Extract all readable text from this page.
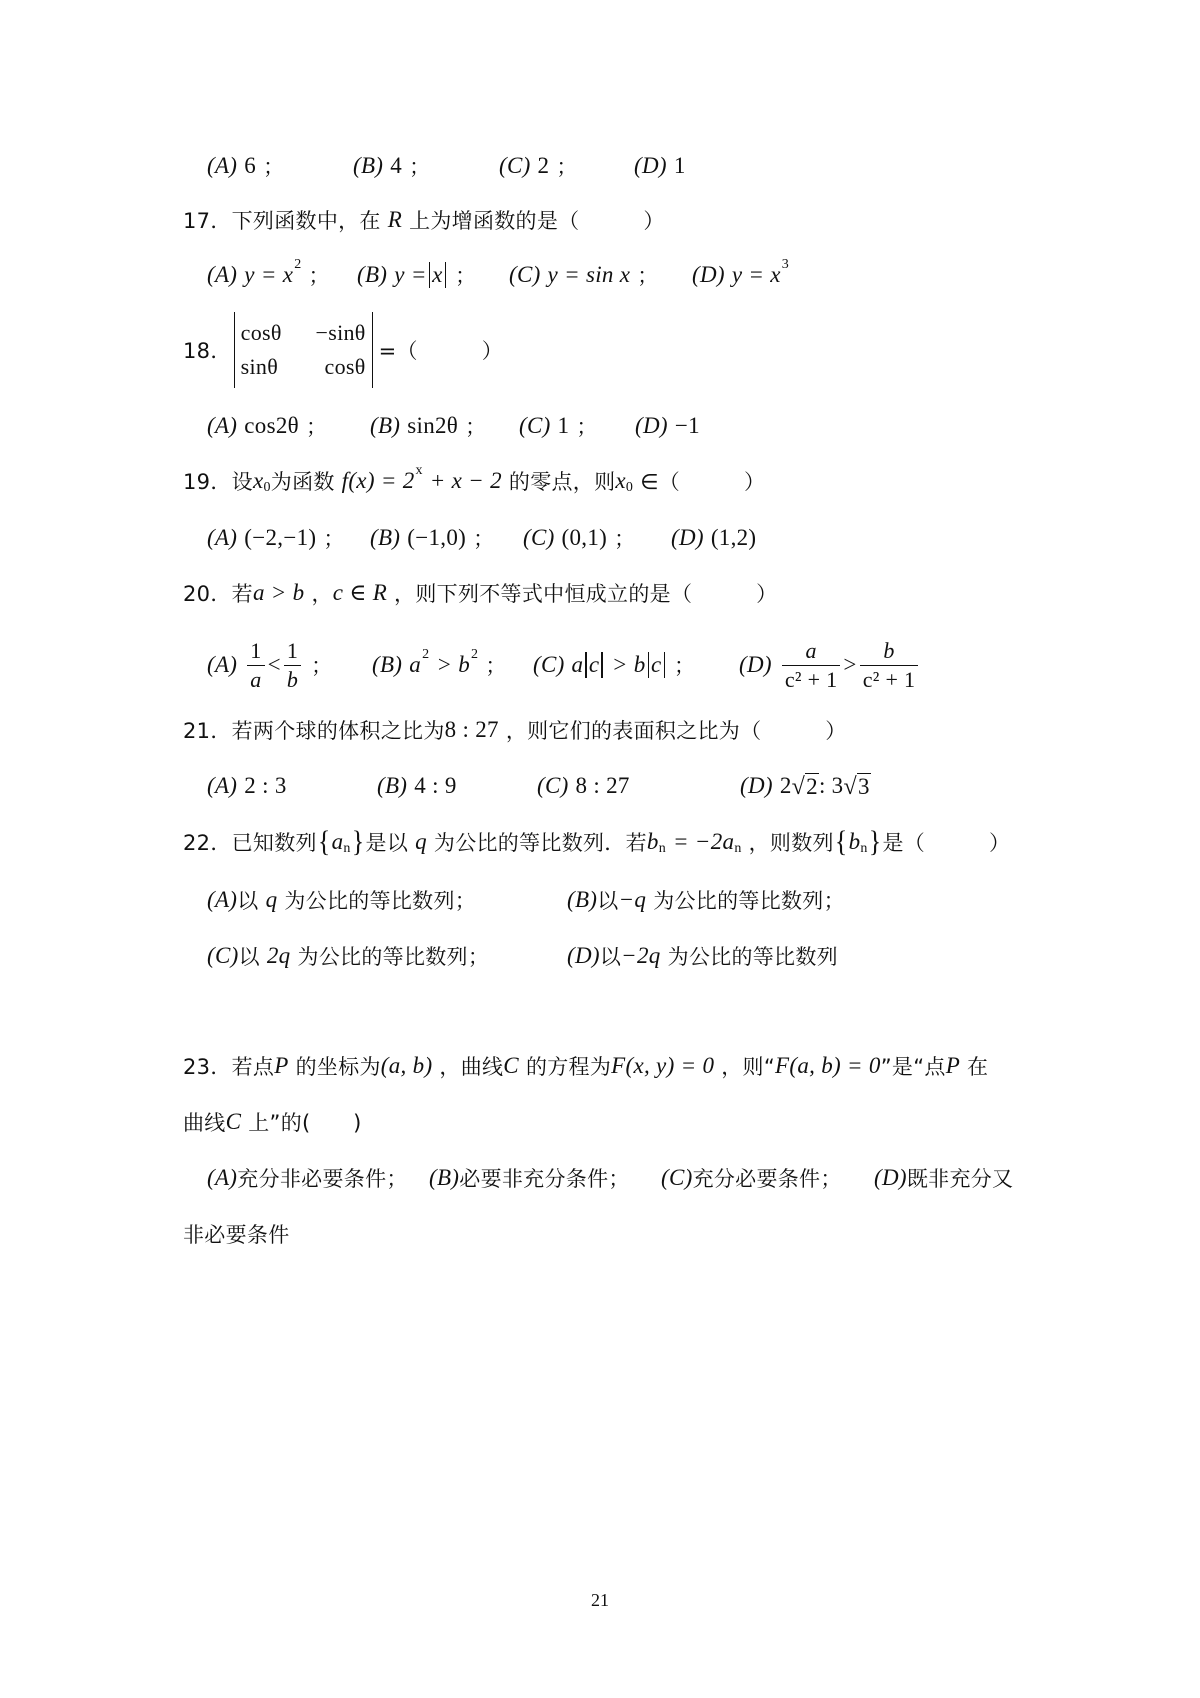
(A)
6
；	(B)
4
；	(C)
2
； (D)
1
17． 下列函数中，在
R
上为增函数的是（　　　）
(A)
y = x 2
； (B)
y = x
； (C)
y = sin x
； (D)
y = x 3
18．
cosθ −sinθ
sinθ cosθ
=（　　　）
(A)
cos2θ
； (B)
sin2θ
； (C)
1
； (D)
−1
19． 设 x 0 为函数
f(x) = 2 x
+ x − 2
的零点，则 x 0
∈（　　　）
(A)
(−2,−1)
； (B)
(−1,0)
； (C)
(0,1)
； (D)
(1,2)
20． 若 a > b
， c ∈ R
，则下列不等式中恒成立的是（　　　）
(A)
$\frac{1}{a} < \frac{1}{b}$
； (B)
a 2
> b 2
； (C)
a c
> b c
； (D)
$\frac{a}{\text{c² + 1}} > \frac{b}{\text{c² + 1}}$
21． 若两个球的体积之比为 8 : 27
，则它们的表面积之比为（　　　）
(A)
2 : 3	(B)
4 : 9	(C)
8 : 27	(D)
2 √ 2 : 3 √ 3
22． 已知数列 { a n } 是以
q
为公比的等比数列．若 b n
= −2a n
，则数列 { b n } 是（　　　）
(A) 以
q
为公比的等比数列；	(B) 以 −q
为公比的等比数列；
(C) 以
2q
为公比的等比数列；	(D) 以 −2q
为公比的等比数列
23． 若点 P
的坐标为 (a, b)
，曲线 C
的方程为 F(x, y) = 0
，则“ F(a, b) = 0 ”是“点 P
在
曲线 C
上”的(　　)
(A) 充分非必要条件； (B) 必要非充分条件； (C) 充分必要条件； (D) 既非充分又
非必要条件
21
